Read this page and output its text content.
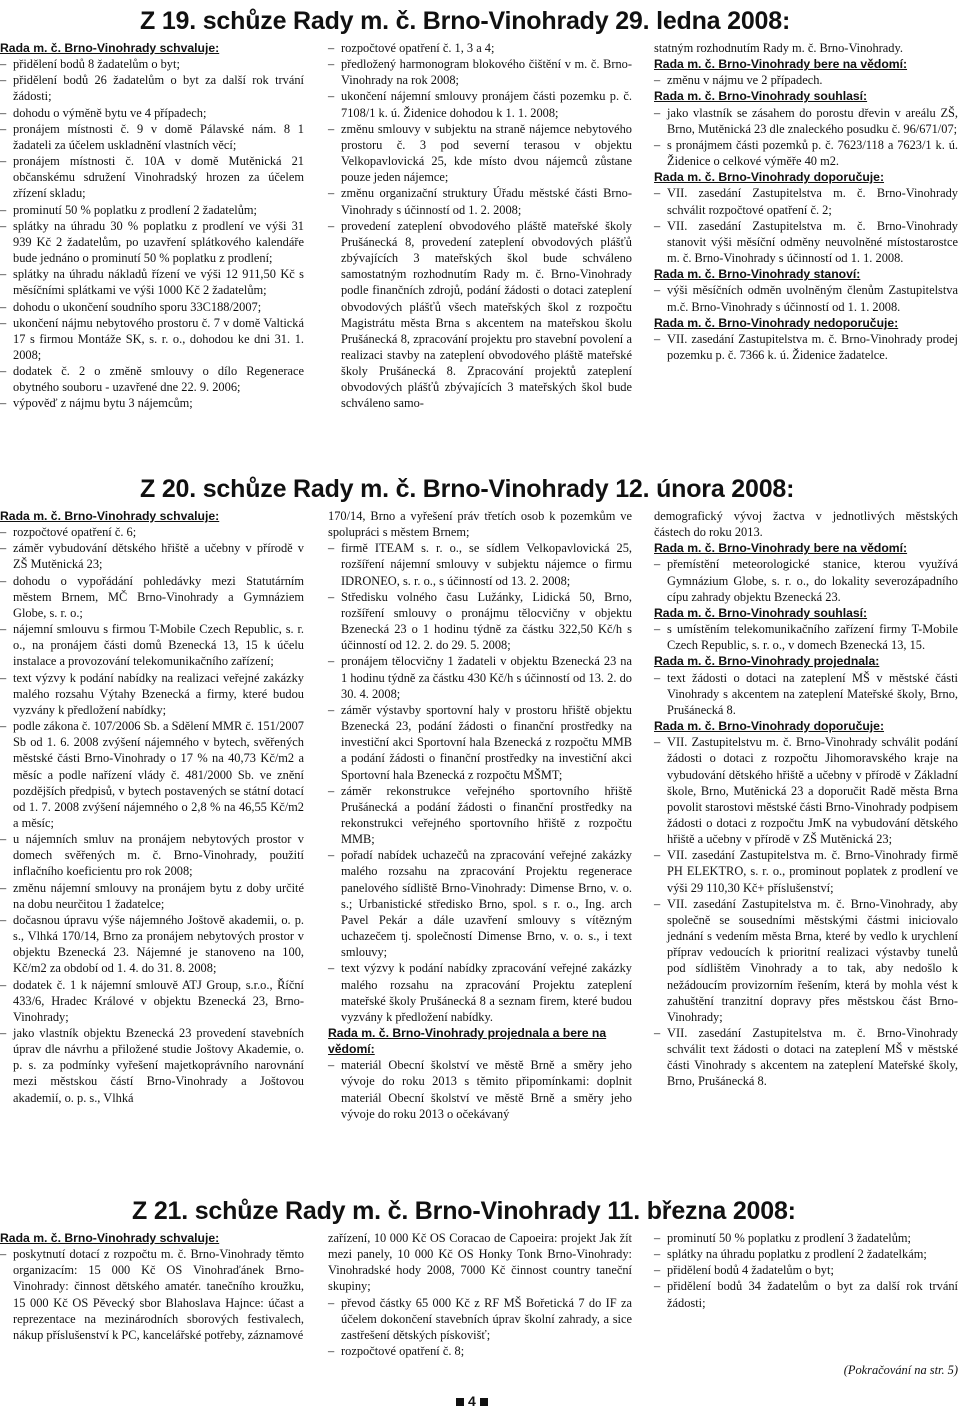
Z 19. schůze Rady m. č. Brno-Vinohrady 29. ledna 2008:

Rada m. č. Brno-Vinohrady schvaluje:

– přidělení bodů 8 žadatelům o byt;

– přidělení bodů 26 žadatelům o byt za další rok trvání žádosti;

– dohodu o výměně bytu ve 4 případech;

– pronájem místnosti č. 9 v domě Pálavské nám. 8 1 žadateli za účelem uskladnění vlastních věcí;

– pronájem místnosti č. 10A v domě Mutěnická 21 občanskému sdružení Vinohradský hrozen za účelem zřízení skladu;

– prominutí 50 % poplatku z prodlení 2 žadatelům;

– splátky na úhradu 30 % poplatku z prodlení ve výši 31 939 Kč 2 žadatelům, po uzavření splátkového kalendáře bude jednáno o prominutí 50 % poplatku z prodlení;

– splátky na úhradu nákladů řízení ve výši 12 911,50 Kč s měsíčními splátkami ve výši 1000 Kč 2 žadatelům;

– dohodu o ukončení soudního sporu 33C188/2007;

– ukončení nájmu nebytového prostoru č. 7 v domě Valtická 17 s firmou Montáže SK, s. r. o., dohodou ke dni 31. 1. 2008;

– dodatek č. 2 o změně smlouvy o dílo Regenerace obytného souboru - uzavřené dne 22. 9. 2006;

– výpověď z nájmu bytu 3 nájemcům;

– rozpočtové opatření č. 1, 3 a 4;

– předložený harmonogram blokového čištění v m. č. Brno-Vinohrady na rok 2008;

– ukončení nájemní smlouvy pronájem části pozemku p. č. 7108/1 k. ú. Židenice dohodou k 1. 1. 2008;

– změnu smlouvy v subjektu na straně nájemce nebytového prostoru č. 3 pod severní terasou v objektu Velkopavlovická 25, kde místo dvou nájemců zůstane pouze jeden nájemce;

– změnu organizační struktury Úřadu městské části Brno-Vinohrady s účinností od 1. 2. 2008;

– provedení zateplení obvodového pláště mateřské školy Prušánecká 8, provedení zateplení obvodových plášťů zbývajících 3 mateřských škol bude schváleno samostatným rozhodnutím Rady m. č. Brno-Vinohrady podle finančních zdrojů, podání žádosti o dotaci zateplení obvodových plášťů všech mateřských škol z rozpočtu Magistrátu města Brna s akcentem na mateřskou školu Prušánecká 8, zpracování projektu pro stavební povolení a realizaci stavby na zateplení obvodového pláště mateřské školy Prušánecká 8. Zpracování projektů zateplení obvodových plášťů zbývajících 3 mateřských škol bude schváleno samo-

statným rozhodnutím Rady m. č. Brno-Vinohrady.

Rada m. č. Brno-Vinohrady bere na vědomí:

– změnu v nájmu ve 2 případech.

Rada m. č. Brno-Vinohrady souhlasí:

– jako vlastník se zásahem do porostu dřevin v areálu ZŠ, Brno, Mutěnická 23 dle znaleckého posudku č. 96/671/07;

– s pronájmem části pozemků p. č. 7623/118 a 7623/1 k. ú. Židenice o celkové výměře 40 m2.

Rada m. č. Brno-Vinohrady doporučuje:

– VII. zasedání Zastupitelstva m. č. Brno-Vinohrady schválit rozpočtové opatření č. 2;

– VII. zasedání Zastupitelstva m. č. Brno-Vinohrady stanovit výši měsíční odměny neuvolněné místostarostce m. č. Brno-Vinohrady s účinností od 1. 1. 2008.

Rada m. č. Brno-Vinohrady stanoví:

– výši měsíčních odměn uvolněným členům Zastupitelstva m.č. Brno-Vinohrady s účinností od 1. 1. 2008.

Rada m. č. Brno-Vinohrady nedoporučuje:

– VII. zasedání Zastupitelstva m. č. Brno-Vinohrady prodej pozemku p. č. 7366 k. ú. Židenice žadatelce.

Z 20. schůze Rady m. č. Brno-Vinohrady 12. února 2008:

Rada m. č. Brno-Vinohrady schvaluje:

– rozpočtové opatření č. 6;

– záměr vybudování dětského hřiště a učebny v přírodě v ZŠ Mutěnická 23;

– dohodu o vypořádání pohledávky mezi Statutárním městem Brnem, MČ Brno-Vinohrady a Gymnáziem Globe, s. r. o.;

– nájemní smlouvu s firmou T-Mobile Czech Republic, s. r. o., na pronájem části domů Bzenecká 13, 15 k účelu instalace a provozování telekomunikačního zařízení;

– text výzvy k podání nabídky na realizaci veřejné zakázky malého rozsahu Výtahy Bzenecká a firmy, které budou vyzvány k předložení nabídky;

– podle zákona č. 107/2006 Sb. a Sdělení MMR č. 151/2007 Sb od 1. 6. 2008 zvýšení nájemného v bytech, svěřených městské části Brno-Vinohrady o 17 % na 40,73 Kč/m2 a měsíc a podle nařízení vlády č. 481/2000 Sb. ve znění pozdějších předpisů, v bytech postavených se státní dotací od 1. 7. 2008 zvýšení nájemného o 2,8 % na 46,55 Kč/m2 a měsíc;

– u nájemních smluv na pronájem nebytových prostor v domech svěřených m. č. Brno-Vinohrady, použití inflačního koeficientu pro rok 2008;

– změnu nájemní smlouvy na pronájem bytu z doby určité na dobu neurčitou 1 žadatelce;

– dočasnou úpravu výše nájemného Joštově akademii, o. p. s., Vlhká 170/14, Brno za pronájem nebytových prostor v objektu Bzenecká 23. Nájemné je stanoveno na 100, Kč/m2 za období od 1. 4. do 31. 8. 2008;

– dodatek č. 1 k nájemní smlouvě ATJ Group, s.r.o., Říční 433/6, Hradec Králové v objektu Bzenecká 23, Brno-Vinohrady;

– jako vlastník objektu Bzenecká 23 provedení stavebních úprav dle návrhu a přiložené studie Joštovy Akademie, o. p. s. za podmínky vyřešení majetkoprávního narovnání mezi městskou částí Brno-Vinohrady a Joštovou akademií, o. p. s., Vlhká

170/14, Brno a vyřešení práv třetích osob k pozemkům ve spolupráci s městem Brnem;

– firmě ITEAM s. r. o., se sídlem Velkopavlovická 25, rozšíření nájemní smlouvy v subjektu nájemce o firmu IDRONEO, s. r. o., s účinností od 13. 2. 2008;

– Středisku volného času Lužánky, Lidická 50, Brno, rozšíření smlouvy o pronájmu tělocvičny v objektu Bzenecká 23 o 1 hodinu týdně za částku 322,50 Kč/h s účinností od 12. 2. do 29. 5. 2008;

– pronájem tělocvičny 1 žadateli v objektu Bzenecká 23 na 1 hodinu týdně za částku 430 Kč/h s účinností od 13. 2. do 30. 4. 2008;

– záměr výstavby sportovní haly v prostoru hřiště objektu Bzenecká 23, podání žádosti o finanční prostředky na investiční akci Sportovní hala Bzenecká z rozpočtu MMB a podání žádosti o finanční prostředky na investiční akci Sportovní hala Bzenecká z rozpočtu MŠMT;

– záměr rekonstrukce veřejného sportovního hřiště Prušánecká a podání žádosti o finanční prostředky na rekonstrukci veřejného sportovního hřiště z rozpočtu MMB;

– pořadí nabídek uchazečů na zpracování veřejné zakázky malého rozsahu na zpracování Projektu regenerace panelového sídliště Brno-Vinohrady: Dimense Brno, v. o. s.; Urbanistické středisko Brno, spol. s r. o., Ing. arch Pavel Pekár a dále uzavření smlouvy s vítězným uchazečem tj. společností Dimense Brno, v. o. s., i text smlouvy;

– text výzvy k podání nabídky zpracování veřejné zakázky malého rozsahu na zpracování Projektu zateplení mateřské školy Prušánecká 8 a seznam firem, které budou vyzvány k předložení nabídky.

Rada m. č. Brno-Vinohrady projednala a bere na vědomí:

– materiál Obecní školství ve městě Brně a směry jeho vývoje do roku 2013 s těmito připomínkami: doplnit materiál Obecní školství ve městě Brně a směry jeho vývoje do roku 2013 o očekávaný

demografický vývoj žactva v jednotlivých městských částech do roku 2013.

Rada m. č. Brno-Vinohrady bere na vědomí:

– přemístění meteorologické stanice, kterou využívá Gymnázium Globe, s. r. o., do lokality severozápadního cípu zahrady objektu Bzenecká 23.

Rada m. č. Brno-Vinohrady souhlasí:

– s umístěním telekomunikačního zařízení firmy T-Mobile Czech Republic, s. r. o., v domech Bzenecká 13, 15.

Rada m. č. Brno-Vinohrady projednala:

– text žádosti o dotaci na zateplení MŠ v městské části Vinohrady s akcentem na zateplení Mateřské školy, Brno, Prušánecká 8.

Rada m. č. Brno-Vinohrady doporučuje:

– VII. Zastupitelstvu m. č. Brno-Vinohrady schválit podání žádosti o dotaci z rozpočtu Jihomoravského kraje na vybudování dětského hřiště a učebny v přírodě v Základní škole, Brno, Mutěnická 23 a doporučit Radě města Brna povolit starostovi městské části Brno-Vinohrady podpisem žádosti o dotaci z rozpočtu JmK na vybudování dětského hřiště a učebny v přírodě v ZŠ Mutěnická 23;

– VII. zasedání Zastupitelstva m. č. Brno-Vinohrady firmě PH ELEKTRO, s. r. o., prominout poplatek z prodlení ve výši 29 110,30 Kč+ příslušenství;

– VII. zasedání Zastupitelstva m. č. Brno-Vinohrady, aby společně se sousedními městskými částmi iniciovalo jednání s vedením města Brna, které by vedlo k urychlení příprav vedoucích k prioritní realizaci výstavby tunelů pod sídlištěm Vinohrady a to tak, aby nedošlo k nežádoucím provizorním řešením, která by mohla vést k zahuštění tranzitní dopravy přes městskou část Brno-Vinohrady;

– VII. zasedání Zastupitelstva m. č. Brno-Vinohrady schválit text žádosti o dotaci na zateplení MŠ v městské části Vinohrady s akcentem na zateplení Mateřské školy, Brno, Prušánecká 8.

Z 21. schůze Rady m. č. Brno-Vinohrady 11. března 2008:

Rada m. č. Brno-Vinohrady schvaluje:

– poskytnutí dotací z rozpočtu m. č. Brno-Vinohrady těmto organizacím: 15 000 Kč OS Vinohraďánek Brno-Vinohrady: činnost dětského amatér. tanečního kroužku, 15 000 Kč OS Pěvecký sbor Blahoslava Hajnce: účast a reprezentace na mezinárodních sborových festivalech, nákup příslušenství k PC, kancelářské potřeby, záznamové

zařízení, 10 000 Kč OS Coracao de Capoeira: projekt Jak žít mezi panely, 10 000 Kč OS Honky Tonk Brno-Vinohrady: Vinohradské hody 2008, 7000 Kč činnost country taneční skupiny;

– převod částky 65 000 Kč z RF MŠ Bořetická 7 do IF za účelem dokončení stavebních úprav školní zahrady, a sice zastřešení dětských pískovišť;

– rozpočtové opatření č. 8;

– prominutí 50 % poplatku z prodlení 3 žadatelům;

– splátky na úhradu poplatku z prodlení 2 žadatelkám;

– přidělení bodů 4 žadatelům o byt;

– přidělení bodů 34 žadatelům o byt za další rok trvání žádosti;

(Pokračování na str. 5)
4
